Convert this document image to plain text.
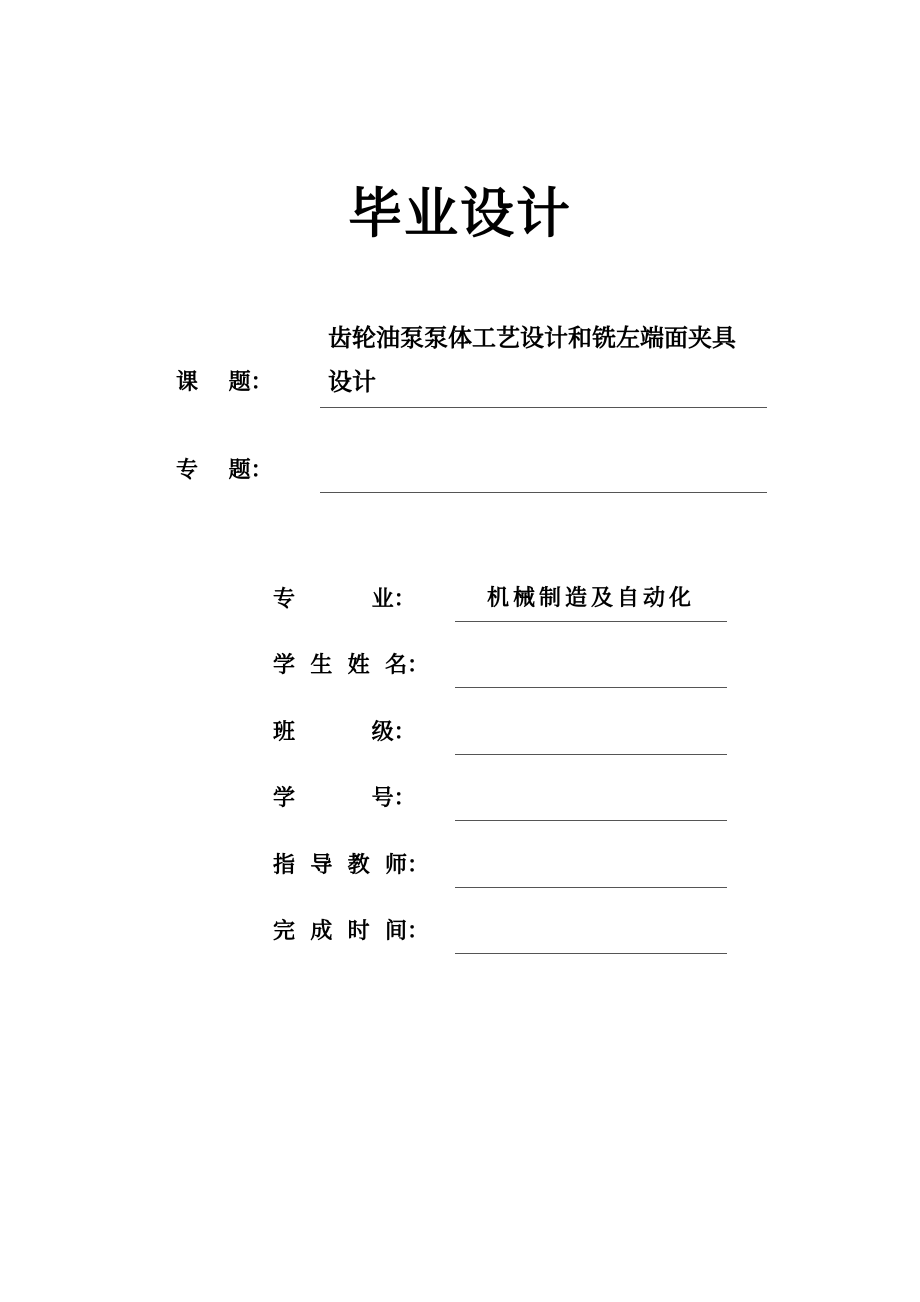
毕业设计
课    题：
齿轮油泵泵体工艺设计和铣左端面夹具
设计
专    题：
专          业：	机械制造及自动化
学  生  姓  名：
班          级：
学          号：
指  导  教  师：
完  成  时  间：
